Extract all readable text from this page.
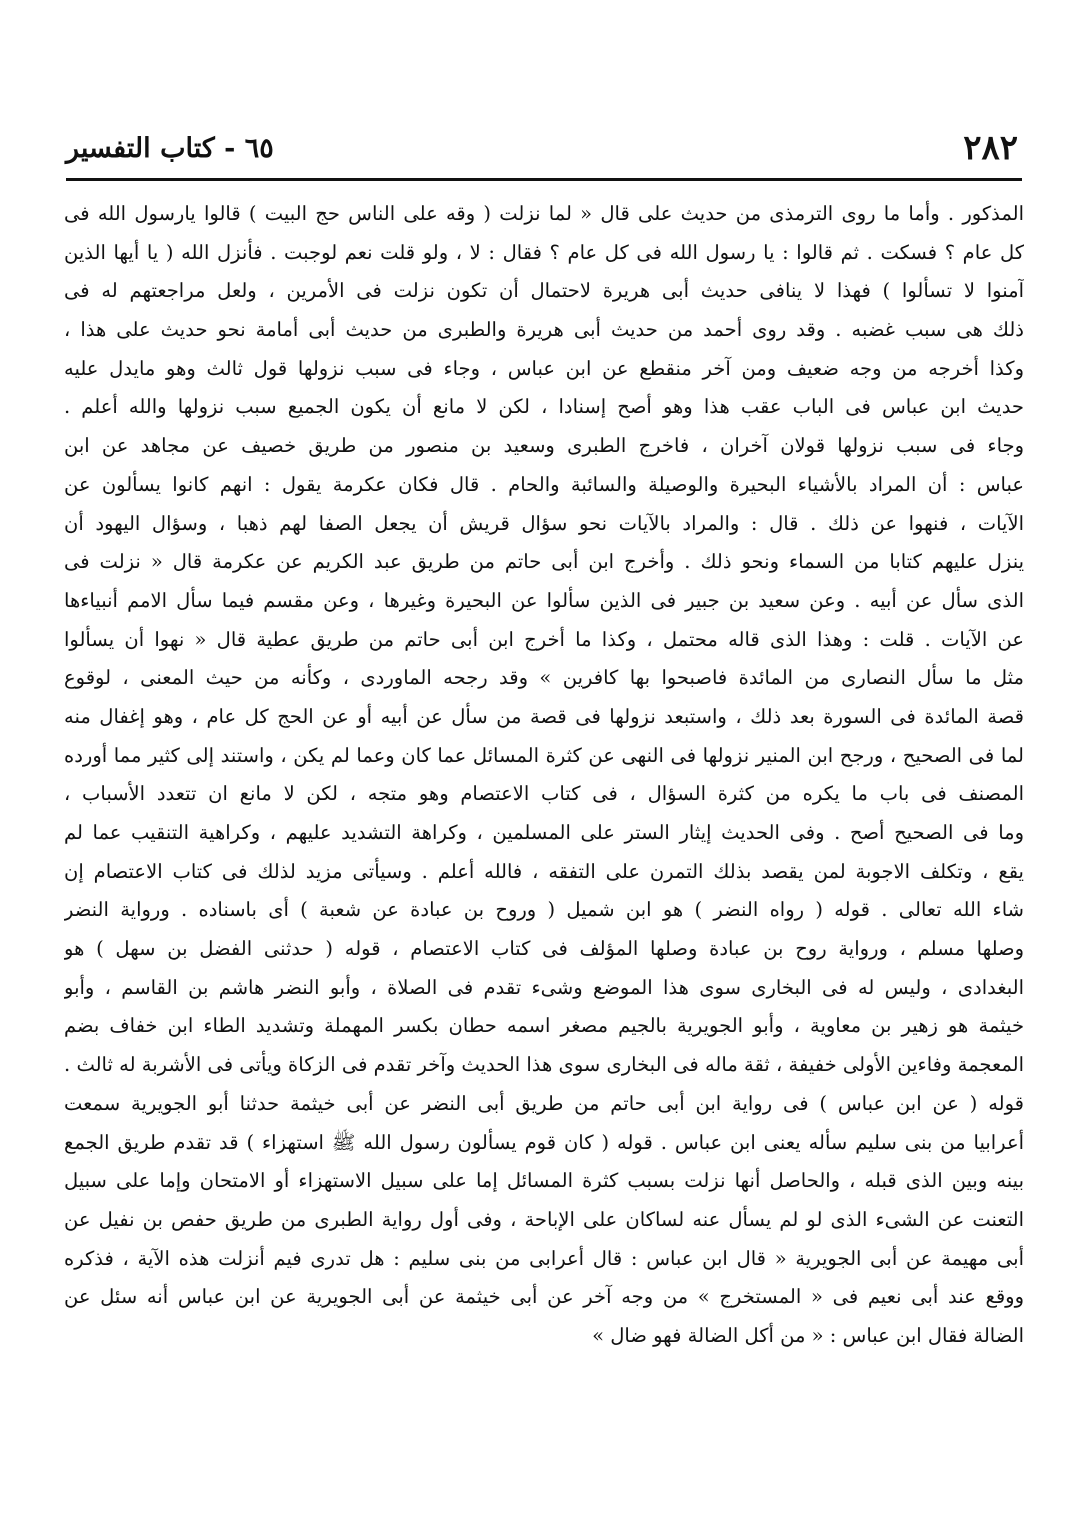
٢٨٢
٦٥ - كتاب التفسير
المذكور . وأما ما روى الترمذى من حديث على قال « لما نزلت ( وقه على الناس حج البيت ) قالوا يارسول الله فى
كل عام ؟ فسكت . ثم قالوا : يا رسول الله فى كل عام ؟ فقال : لا ، ولو قلت نعم لوجبت . فأنزل الله ( يا أيها الذين
آمنوا لا تسألوا ) فهذا لا ينافى حديث أبى هريرة لاحتمال أن تكون نزلت فى الأمرين ، ولعل مراجعتهم له فى
ذلك هى سبب غضبه . وقد روى أحمد من حديث أبى هريرة والطبرى من حديث أبى أمامة نحو حديث على هذا ،
وكذا أخرجه من وجه ضعيف ومن آخر منقطع عن ابن عباس ، وجاء فى سبب نزولها قول ثالث وهو مايدل عليه
حديث ابن عباس فى الباب عقب هذا وهو أصح إسنادا ، لكن لا مانع أن يكون الجميع سبب نزولها والله أعلم .
وجاء فى سبب نزولها قولان آخران ، فاخرج الطبرى وسعيد بن منصور من طريق خصيف عن مجاهد عن ابن
عباس : أن المراد بالأشياء البحيرة والوصيلة والسائبة والحام . قال فكان عكرمة يقول : انهم كانوا يسألون عن
الآيات ، فنهوا عن ذلك . قال : والمراد بالآيات نحو سؤال قريش أن يجعل الصفا لهم ذهبا ، وسؤال اليهود أن
ينزل عليهم كتابا من السماء ونحو ذلك . وأخرج ابن أبى حاتم من طريق عبد الكريم عن عكرمة قال « نزلت فى
الذى سأل عن أبيه . وعن سعيد بن جبير فى الذين سألوا عن البحيرة وغيرها ، وعن مقسم فيما سأل الامم أنبياءها
عن الآيات . قلت : وهذا الذى قاله محتمل ، وكذا ما أخرج ابن أبى حاتم من طريق عطية قال « نهوا أن يسألوا
مثل ما سأل النصارى من المائدة فاصبحوا بها كافرين » وقد رجحه الماوردى ، وكأنه من حيث المعنى ، لوقوع
قصة المائدة فى السورة بعد ذلك ، واستبعد نزولها فى قصة من سأل عن أبيه أو عن الحج كل عام ، وهو إغفال منه
لما فى الصحيح ، ورجح ابن المنير نزولها فى النهى عن كثرة المسائل عما كان وعما لم يكن ، واستند إلى كثير مما أورده
المصنف فى باب ما يكره من كثرة السؤال ، فى كتاب الاعتصام وهو متجه ، لكن لا مانع ان تتعدد الأسباب ،
وما فى الصحيح أصح . وفى الحديث إيثار الستر على المسلمين ، وكراهة التشديد عليهم ، وكراهية التنقيب عما لم
يقع ، وتكلف الاجوبة لمن يقصد بذلك التمرن على التفقه ، فالله أعلم . وسيأتى مزيد لذلك فى كتاب الاعتصام إن
شاء الله تعالى . قوله ( رواه النضر ) هو ابن شميل ( وروح بن عبادة عن شعبة ) أى باسناده . ورواية النضر
وصلها مسلم ، ورواية روح بن عبادة وصلها المؤلف فى كتاب الاعتصام ، قوله ( حدثنى الفضل بن سهل ) هو
البغدادى ، وليس له فى البخارى سوى هذا الموضع وشىء تقدم فى الصلاة ، وأبو النضر هاشم بن القاسم ، وأبو
خيثمة هو زهير بن معاوية ، وأبو الجويرية بالجيم مصغر اسمه حطان بكسر المهملة وتشديد الطاء ابن خفاف بضم
المعجمة وفاءين الأولى خفيفة ، ثقة ماله فى البخارى سوى هذا الحديث وآخر تقدم فى الزكاة ويأتى فى الأشربة له ثالث .
قوله ( عن ابن عباس ) فى رواية ابن أبى حاتم من طريق أبى النضر عن أبى خيثمة حدثنا أبو الجويرية سمعت
أعرابيا من بنى سليم سأله يعنى ابن عباس . قوله ( كان قوم يسألون رسول الله ﷺ استهزاء ) قد تقدم طريق الجمع
بينه وبين الذى قبله ، والحاصل أنها نزلت بسبب كثرة المسائل إما على سبيل الاستهزاء أو الامتحان وإما على سبيل
التعنت عن الشىء الذى لو لم يسأل عنه لساكان على الإباحة ، وفى أول رواية الطبرى من طريق حفص بن نفيل عن
أبى مهيمة عن أبى الجويرية « قال ابن عباس : قال أعرابى من بنى سليم : هل تدرى فيم أنزلت هذه الآية ، فذكره
ووقع عند أبى نعيم فى « المستخرج » من وجه آخر عن أبى خيثمة عن أبى الجويرية عن ابن عباس أنه سئل عن
الضالة فقال ابن عباس : « من أكل الضالة فهو ضال »
